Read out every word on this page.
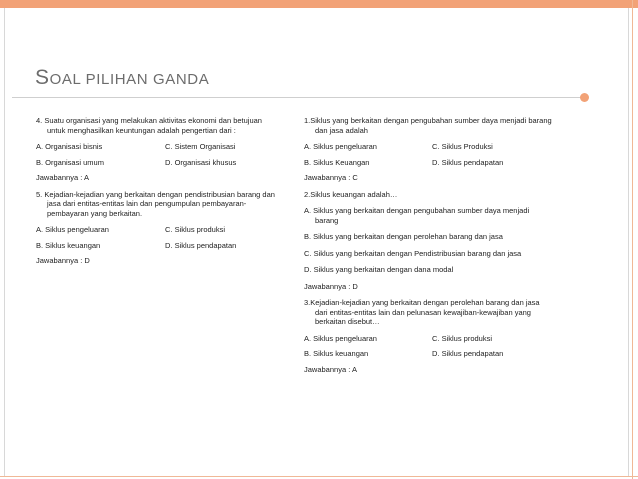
SOAL PILIHAN GANDA

4. Suatu organisasi yang melakukan aktivitas ekonomi dan betujuan untuk menghasilkan keuntungan adalah pengertian dari :

A. Organisasi bisnis	C. Sistem Organisasi
B. Organisasi umum	D. Organisasi khusus

Jawabannya : A

5. Kejadian-kejadian yang berkaitan dengan pendistribusian barang dan jasa dari entitas-entitas lain dan pengumpulan pembayaran-pembayaran yang berkaitan.

A. Siklus pengeluaran	C. Siklus produksi
B. Siklus keuangan	D. Siklus pendapatan

Jawabannya : D

1.Siklus yang berkaitan dengan pengubahan sumber daya menjadi barang dan jasa adalah

A. Siklus pengeluaran	C. Siklus Produksi
B. Siklus Keuangan	D. Siklus pendapatan

Jawabannya : C

2.Siklus keuangan adalah…

A. Siklus yang berkaitan dengan pengubahan sumber daya menjadi barang

B. Siklus yang berkaitan dengan perolehan barang dan jasa

C. Siklus yang berkaitan dengan Pendistribusian barang dan jasa

D. Siklus yang berkaitan dengan dana modal

Jawabannya : D

3.Kejadian-kejadian yang berkaitan dengan perolehan barang dan jasa dari entitas-entitas lain dan pelunasan kewajiban-kewajiban yang berkaitan disebut…

A. Siklus pengeluaran	C. Siklus produksi
B. Siklus keuangan	D. Siklus pendapatan

Jawabannya : A
